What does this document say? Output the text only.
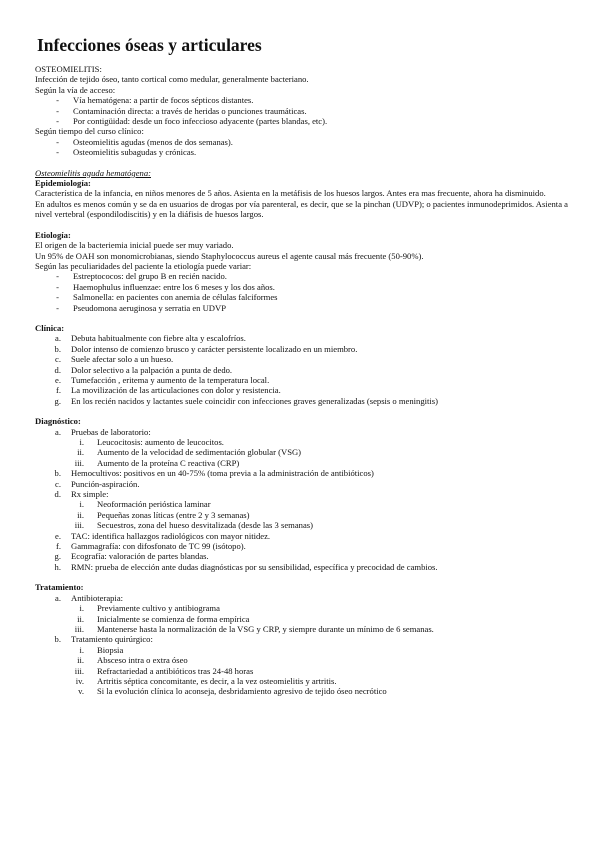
Infecciones óseas y articulares
OSTEOMIELITIS:
Infección de tejido óseo, tanto cortical como medular, generalmente bacteriano.
Según la vía de acceso:
-	Vía hematógena: a partir de focos sépticos distantes.
-	Contaminación directa: a través de heridas o punciones traumáticas.
-	Por contigüidad: desde un foco infeccioso adyacente (partes blandas, etc).
Según tiempo del curso clínico:
-	Osteomielitis agudas (menos de dos semanas).
-	Osteomielitis subagudas y crónicas.
Osteomielitis aguda hematógena:
Epidemiología:
Característica de la infancia, en niños menores de 5 años. Asienta en la metáfisis de los huesos largos. Antes era mas frecuente, ahora ha disminuido.
En adultos es menos común y se da en usuarios de drogas por vía parenteral, es decir, que se la pinchan (UDVP); o pacientes inmunodeprimidos. Asienta a nivel vertebral (espondilodiscitis) y en la diáfisis de huesos largos.
Etiología:
El origen de la bacteriemia inicial puede ser muy variado.
Un 95% de OAH son monomicrobianas, siendo Staphylococcus aureus el agente causal más frecuente (50-90%).
Según las peculiaridades del paciente la etiología puede variar:
-	Estreptococos: del grupo B en recién nacido.
-	Haemophulus influenzae: entre los 6 meses y los dos años.
-	Salmonella: en pacientes con anemia de células falciformes
-	Pseudomona aeruginosa y serratia en UDVP
Clínica:
a.	Debuta habitualmente con fiebre alta y escalofríos.
b.	Dolor intenso de comienzo brusco y carácter persistente localizado en un miembro.
c.	Suele afectar solo a un hueso.
d.	Dolor selectivo a la palpación a punta de dedo.
e.	Tumefacción , eritema y aumento de la temperatura local.
f.	La movilización de las articulaciones con dolor y resistencia.
g.	En los recién nacidos y lactantes suele coincidir con infecciones graves generalizadas (sepsis o meningitis)
Diagnóstico:
a.	Pruebas de laboratorio:
i.	Leucocitosis: aumento de leucocitos.
ii.	Aumento de la velocidad de sedimentación globular (VSG)
iii.	Aumento de la proteína C reactiva (CRP)
b.	Hemocultivos: positivos en un 40-75% (toma previa a la administración de antibióticos)
c.	Punción-aspiración.
d.	Rx simple:
i.	Neoformación perióstica laminar
ii.	Pequeñas zonas líticas (entre 2 y 3 semanas)
iii.	Secuestros, zona del hueso desvitalizada (desde las 3 semanas)
e.	TAC: identifica hallazgos radiológicos con mayor nitidez.
f.	Gammagrafía: con difosfonato de TC 99 (isótopo).
g.	Ecografía: valoración de partes blandas.
h.	RMN: prueba de elección ante dudas diagnósticas por su sensibilidad, específica y precocidad de cambios.
Tratamiento:
a.	Antibioterapia:
i.	Previamente cultivo y antibiograma
ii.	Inicialmente se comienza de forma empírica
iii.	Mantenerse hasta la normalización de la VSG y CRP, y siempre durante un mínimo de 6 semanas.
b.	Tratamiento quirúrgico:
i.	Biopsia
ii.	Absceso intra o extra óseo
iii.	Refractariedad a antibióticos tras 24-48 horas
iv.	Artritis séptica concomitante, es decir, a la vez osteomielitis y artritis.
v.	Si la evolución clínica lo aconseja, desbridamiento agresivo de tejido óseo necrótico
